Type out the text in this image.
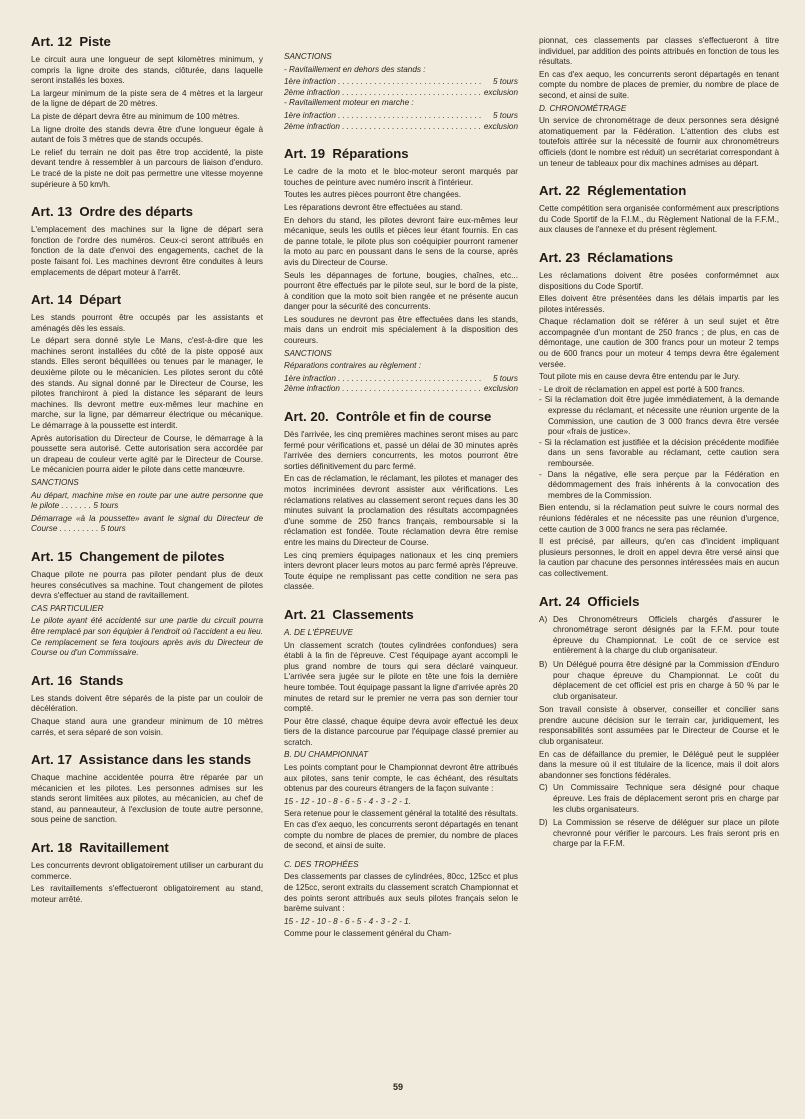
Art. 12  Piste

Le circuit aura une longueur de sept kilomètres minimum, y compris la ligne droite des stands, clôturée, dans laquelle seront installés les boxes.

La largeur minimum de la piste sera de 4 mètres et la largeur de la ligne de départ de 20 mètres.

La piste de départ devra être au minimum de 100 mètres.

La ligne droite des stands devra être d'une longueur égale à autant de fois 3 mètres que de stands occupés.

Le relief du terrain ne doit pas être trop accidenté, la piste devant tendre à ressembler à un parcours de liaison d'enduro. Le tracé de la piste ne doit pas permettre une vitesse moyenne supérieure à 50 km/h.

Art. 13  Ordre des départs

L'emplacement des machines sur la ligne de départ sera fonction de l'ordre des numéros. Ceux-ci seront attribués en fonction de la date d'envoi des engagements, cachet de la poste faisant foi. Les machines devront être conduites à leurs emplacements de départ moteur à l'arrêt.

Art. 14  Départ

Les stands pourront être occupés par les assistants et aménagés dès les essais.

Le départ sera donné style Le Mans, c'est-à-dire que les machines seront installées du côté de la piste opposé aux stands. Elles seront béquillées ou tenues par le manager, le deuxième pilote ou le mécanicien. Les pilotes seront du côté des stands. Au signal donné par le Directeur de Course, les pilotes franchiront à pied la distance les séparant de leurs machines. Ils devront mettre eux-mêmes leur machine en marche, sur la ligne, par démarreur électrique ou mécanique. Le démarrage à la poussette est interdit.

Après autorisation du Directeur de Course, le démarrage à la poussette sera autorisé. Cette autorisation sera accordée par un drapeau de couleur verte agité par le Directeur de Course. Le mécanicien pourra aider le pilote dans cette manœuvre.

SANCTIONS

Au départ, machine mise en route par une autre personne que le pilote . . . . . . . 5 tours

Démarrage «à la poussette» avant le signal du Directeur de Course . . . . . . . . . 5 tours

Art. 15  Changement de pilotes

Chaque pilote ne pourra pas piloter pendant plus de deux heures consécutives sa machine. Tout changement de pilotes devra s'effectuer au stand de ravitaillement.

CAS PARTICULIER

Le pilote ayant été accidenté sur une partie du circuit pourra être remplacé par son équipier à l'endroit où l'accident a eu lieu. Ce remplacement se fera toujours après avis du Directeur de Course ou d'un Commissaire.

Art. 16  Stands

Les stands doivent être séparés de la piste par un couloir de décélération.

Chaque stand aura une grandeur minimum de 10 mètres carrés, et sera séparé de son voisin.

Art. 17  Assistance dans les stands

Chaque machine accidentée pourra être réparée par un mécanicien et les pilotes. Les personnes admises sur les stands seront limitées aux pilotes, au mécanicien, au chef de stand, au panneauteur, à l'exclusion de toute autre personne, sous peine de sanction.

Art. 18  Ravitaillement

Les concurrents devront obligatoirement utiliser un carburant du commerce.

Les ravitaillements s'effectueront obligatoirement au stand, moteur arrêté.

SANCTIONS

- Ravitaillement en dehors des stands :

1ère infraction . . .	5 tours
2ème infraction . . .	exclusion

- Ravitaillement moteur en marche :

1ère infraction . . .	5 tours
2ème infraction . . .	exclusion
Art. 19  Réparations

Le cadre de la moto et le bloc-moteur seront marqués par touches de peinture avec numéro inscrit à l'intérieur.

Toutes les autres pièces pourront être changées.

Les réparations devront être effectuées au stand.

En dehors du stand, les pilotes devront faire eux-mêmes leur mécanique, seuls les outils et pièces leur étant fournis. En cas de panne totale, le pilote plus son coéquipier pourront ramener la moto au parc en poussant dans le sens de la course, après avis du Directeur de Course.

Seuls les dépannages de fortune, bougies, chaînes, etc... pourront être effectués par le pilote seul, sur le bord de la piste, à condition que la moto soit bien rangée et ne présente aucun danger pour la sécurité des concurrents.

Les soudures ne devront pas être effectuées dans les stands, mais dans un endroit mis spécialement à la disposition des coureurs.

SANCTIONS

Réparations contraires au règlement :

1ère infraction . . .	5 tours
2ème infraction . . .	exclusion
Art. 20.  Contrôle et fin de course

Dès l'arrivée, les cinq premières machines seront mises au parc fermé pour vérifications et, passé un délai de 30 minutes après l'arrivée des derniers concurrents, les motos pourront être sorties définitivement du parc fermé.

En cas de réclamation, le réclamant, les pilotes et manager des motos incriminées devront assister aux vérifications. Les réclamations relatives au classement seront reçues dans les 30 minutes suivant la proclamation des résultats accompagnées d'une somme de 250 francs français, remboursable si la réclamation est fondée. Toute réclamation devra être remise entre les mains du Directeur de Course.

Les cinq premiers équipages nationaux et les cinq premiers inters devront placer leurs motos au parc fermé après l'épreuve. Toute équipe ne remplissant pas cette condition ne sera pas classée.

Art. 21  Classements

A. DE L'ÉPREUVE

Un classement scratch (toutes cylindrées confondues) sera établi à la fin de l'épreuve. C'est l'équipage ayant accompli le plus grand nombre de tours qui sera déclaré vainqueur. L'arrivée sera jugée sur le pilote en tête une fois la dernière heure tombée. Tout équipage passant la ligne d'arrivée après 20 minutes de retard sur le premier ne verra pas son dernier tour compté.

Pour être classé, chaque équipe devra avoir effectué les deux tiers de la distance parcourue par l'équipage classé premier au scratch.

B. DU CHAMPIONNAT

Les points comptant pour le Championnat devront être attribués aux pilotes, sans tenir compte, le cas échéant, des résultats obtenus par des coureurs étrangers de la façon suivante :

15 - 12 - 10 - 8 - 6 - 5 - 4 - 3 - 2 - 1.

Sera retenue pour le classement général la totalité des résultats. En cas d'ex aequo, les concurrents seront départagés en tenant compte du nombre de places de premier, du nombre de places de second, et ainsi de suite.

C. DES TROPHÉES

Des classements par classes de cylindrées, 80cc, 125cc et plus de 125cc, seront extraits du classement scratch Championnat et des points seront attribués aux seuls pilotes français selon le barème suivant :

15 - 12 - 10 - 8 - 6 - 5 - 4 - 3 - 2 - 1.

Comme pour le classement général du Cham-

pionnat, ces classements par classes s'effectueront à titre individuel, par addition des points attribués en fonction de tous les résultats.

En cas d'ex aequo, les concurrents seront départagés en tenant compte du nombre de places de premier, du nombre de place de second, et ainsi de suite.

D. CHRONOMÉTRAGE

Un service de chronométrage de deux personnes sera désigné atomatiquement par la Fédération. L'attention des clubs est toutefois attirée sur la nécessité de fournir aux chronométreurs officiels (dont le nombre est réduit) un secrétariat correspondant à un teneur de tableaux pour dix machines admises au départ.

Art. 22  Réglementation

Cette compétition sera organisée conformément aux prescriptions du Code Sportif de la F.I.M., du Règlement National de la F.F.M., aux clauses de l'annexe et du présent règlement.

Art. 23  Réclamations

Les réclamations doivent être posées conformémnet aux dispositions du Code Sportif.

Elles doivent être présentées dans les délais impartis par les pilotes intéressés.

Chaque réclamation doit se référer à un seul sujet et être accompagnée d'un montant de 250 francs ; de plus, en cas de démontage, une caution de 300 francs pour un moteur 2 temps ou de 600 francs pour un moteur 4 temps devra être également versée.

Tout pilote mis en cause devra être entendu par le Jury.

- Le droit de réclamation en appel est porté à 500 francs.
- Si la réclamation doit être jugée immédiatement, à la demande expresse du réclamant, et nécessite une réunion urgente de la Commission, une caution de 3 000 francs devra être versée pour «frais de justice».
- Si la réclamation est justifiée et la décision précédente modifiée dans un sens favorable au réclamant, cette caution sera remboursée.
- Dans la négative, elle sera perçue par la Fédération en dédommagement des frais inhérents à la convocation des membres de la Commission.

Bien entendu, si la réclamation peut suivre le cours normal des réunions fédérales et ne nécessite pas une réunion d'urgence, cette caution de 3 000 francs ne sera pas réclamée.

Il est précisé, par ailleurs, qu'en cas d'incident impliquant plusieurs personnes, le droit en appel devra être versé ainsi que la caution par chacune des personnes intéressées mais en aucun cas collectivement.

Art. 24  Officiels
A) Des Chronométreurs Officiels chargés d'assurer le chronométrage seront désignés par la F.F.M. pour toute épreuve du Championnat. Le coût de ce service est entièrement à la charge du club organisateur.
B) Un Délégué pourra être désigné par la Commission d'Enduro pour chaque épreuve du Championnat. Le coût du déplacement de cet officiel est pris en charge à 50 % par le club organisateur.

Son travail consiste à observer, conseiller et concilier sans prendre aucune décision sur le terrain car, juridiquement, les responsabilités sont assumées par le Directeur de Course et le club organisateur.

En cas de défaillance du premier, le Délégué peut le suppléer dans la mesure où il est titulaire de la licence, mais il doit alors abandonner ses fonctions fédérales.

C) Un Commissaire Technique sera désigné pour chaque épreuve. Les frais de déplacement seront pris en charge par les clubs organisateurs.
D) La Commission se réserve de déléguer sur place un pilote chevronné pour vérifier le parcours. Les frais seront pris en charge par la F.F.M.
59
